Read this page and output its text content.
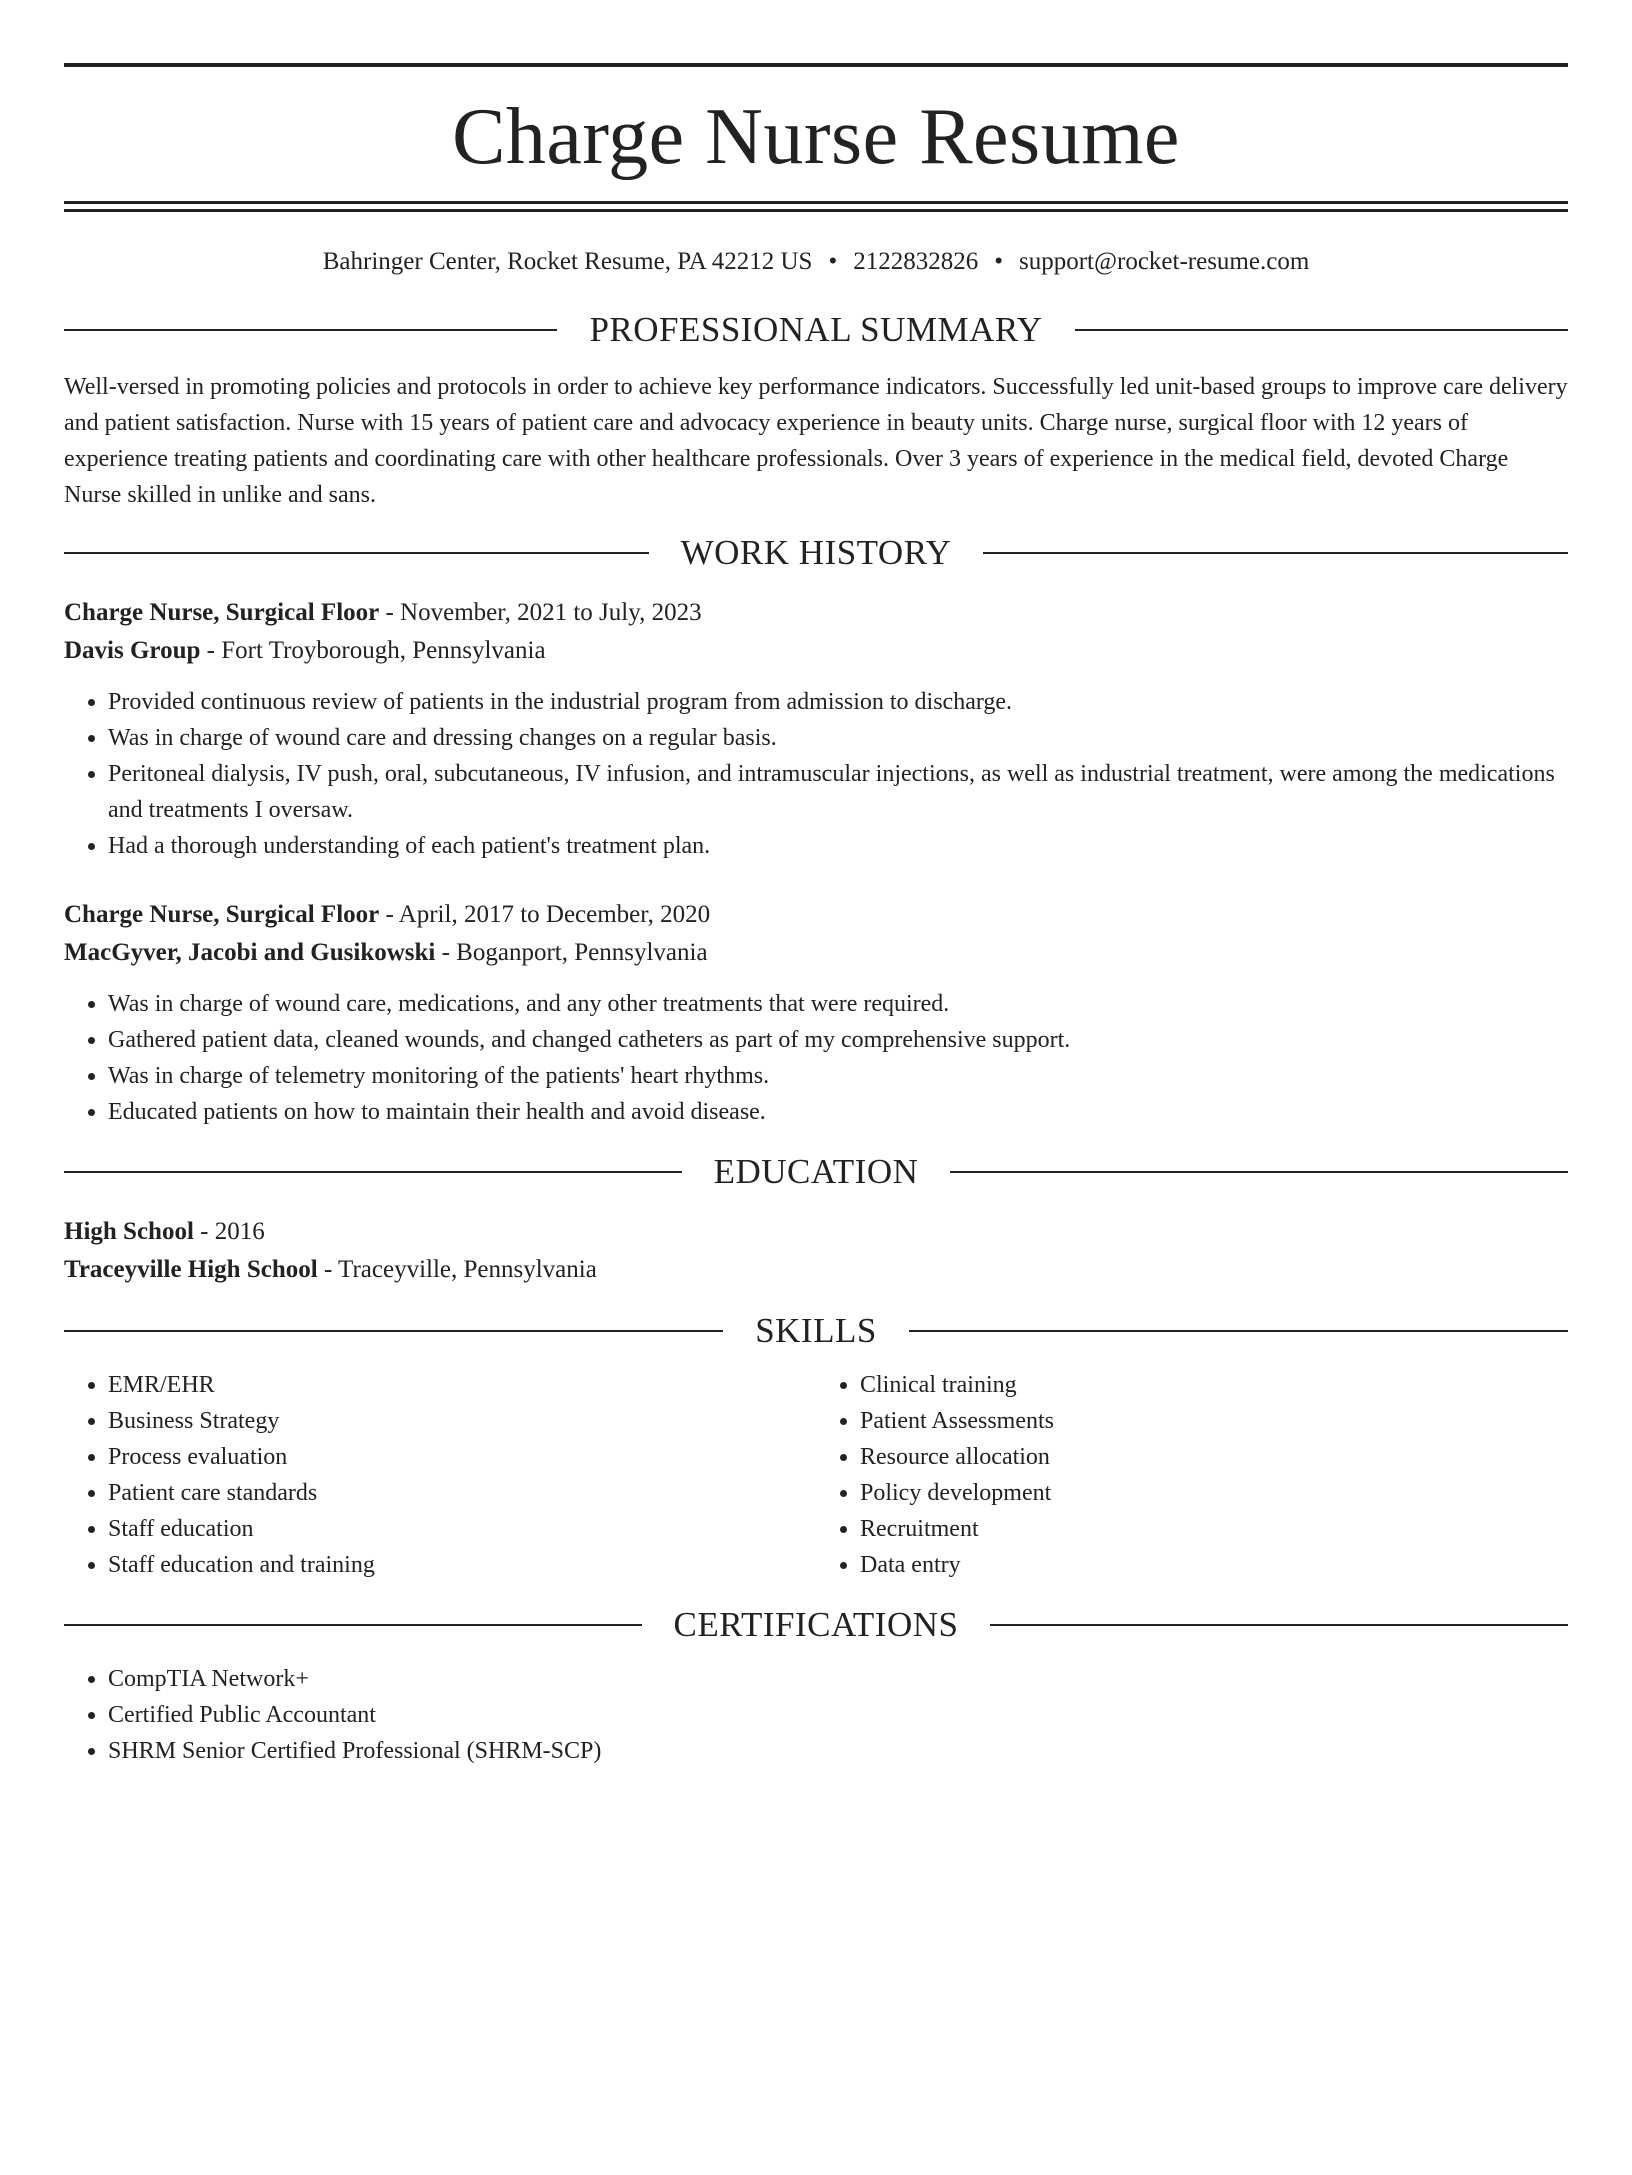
Charge Nurse Resume
Bahringer Center, Rocket Resume, PA 42212 US • 2122832826 • support@rocket-resume.com
PROFESSIONAL SUMMARY
Well-versed in promoting policies and protocols in order to achieve key performance indicators. Successfully led unit-based groups to improve care delivery and patient satisfaction. Nurse with 15 years of patient care and advocacy experience in beauty units. Charge nurse, surgical floor with 12 years of experience treating patients and coordinating care with other healthcare professionals. Over 3 years of experience in the medical field, devoted Charge Nurse skilled in unlike and sans.
WORK HISTORY
Charge Nurse, Surgical Floor - November, 2021 to July, 2023
Davis Group - Fort Troyborough, Pennsylvania
• Provided continuous review of patients in the industrial program from admission to discharge.
• Was in charge of wound care and dressing changes on a regular basis.
• Peritoneal dialysis, IV push, oral, subcutaneous, IV infusion, and intramuscular injections, as well as industrial treatment, were among the medications and treatments I oversaw.
• Had a thorough understanding of each patient's treatment plan.
Charge Nurse, Surgical Floor - April, 2017 to December, 2020
MacGyver, Jacobi and Gusikowski - Boganport, Pennsylvania
• Was in charge of wound care, medications, and any other treatments that were required.
• Gathered patient data, cleaned wounds, and changed catheters as part of my comprehensive support.
• Was in charge of telemetry monitoring of the patients' heart rhythms.
• Educated patients on how to maintain their health and avoid disease.
EDUCATION
High School - 2016
Traceyville High School - Traceyville, Pennsylvania
SKILLS
• EMR/EHR
• Business Strategy
• Process evaluation
• Patient care standards
• Staff education
• Staff education and training
• Clinical training
• Patient Assessments
• Resource allocation
• Policy development
• Recruitment
• Data entry
CERTIFICATIONS
• CompTIA Network+
• Certified Public Accountant
• SHRM Senior Certified Professional (SHRM-SCP)
